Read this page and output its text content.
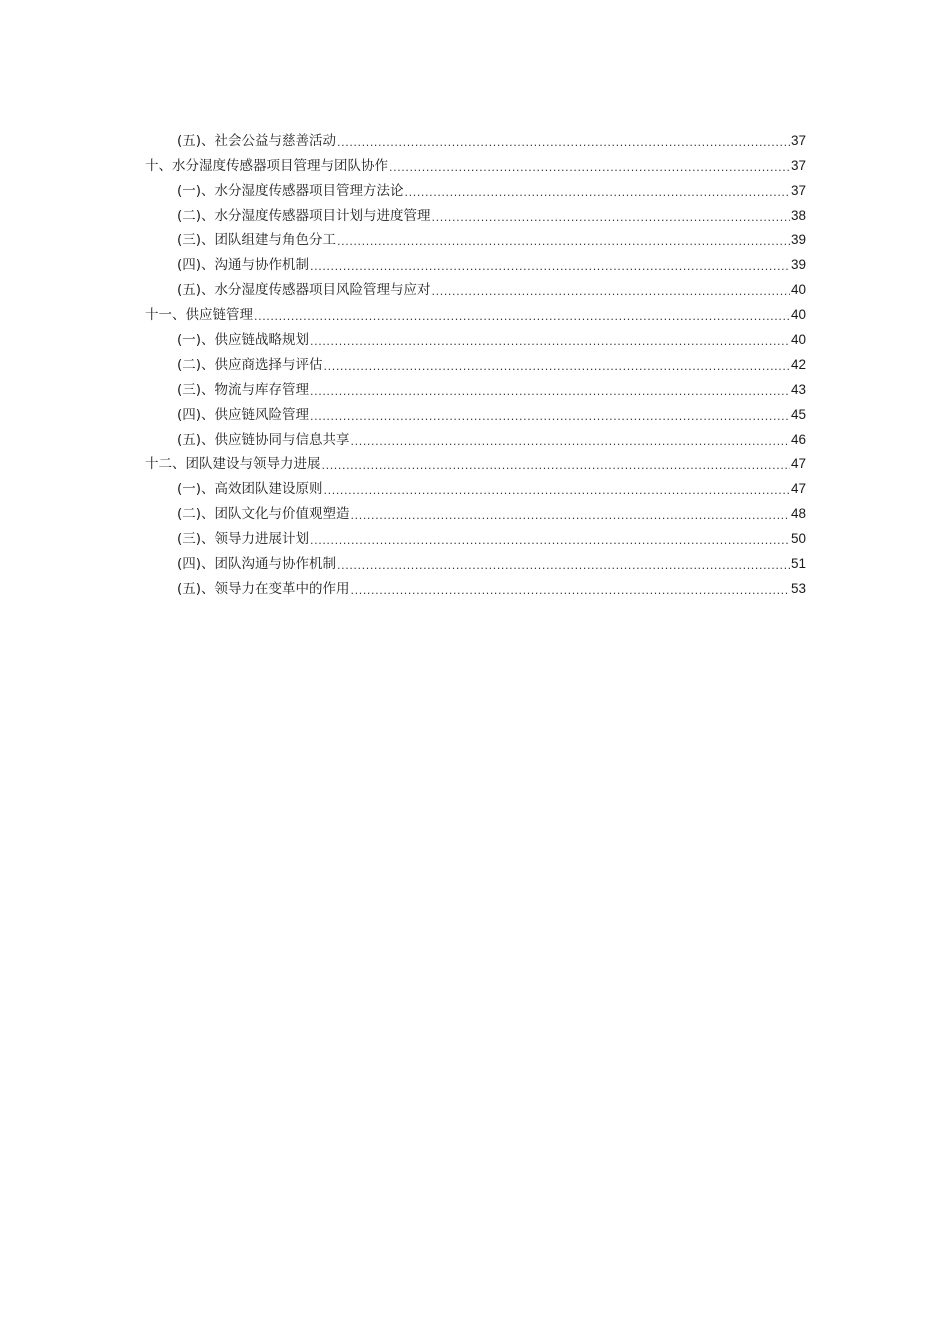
(五)、社会公益与慈善活动 .....	37
十、水分湿度传感器项目管理与团队协作 .....	37
(一)、水分湿度传感器项目管理方法论 .....	37
(二)、水分湿度传感器项目计划与进度管理 .....	38
(三)、团队组建与角色分工 .....	39
(四)、沟通与协作机制 .....	39
(五)、水分湿度传感器项目风险管理与应对 .....	40
十一、供应链管理 .....	40
(一)、供应链战略规划 .....	40
(二)、供应商选择与评估 .....	42
(三)、物流与库存管理 .....	43
(四)、供应链风险管理 .....	45
(五)、供应链协同与信息共享 .....	46
十二、团队建设与领导力进展 .....	47
(一)、高效团队建设原则 .....	47
(二)、团队文化与价值观塑造 .....	48
(三)、领导力进展计划 .....	50
(四)、团队沟通与协作机制 .....	51
(五)、领导力在变革中的作用 .....	53
